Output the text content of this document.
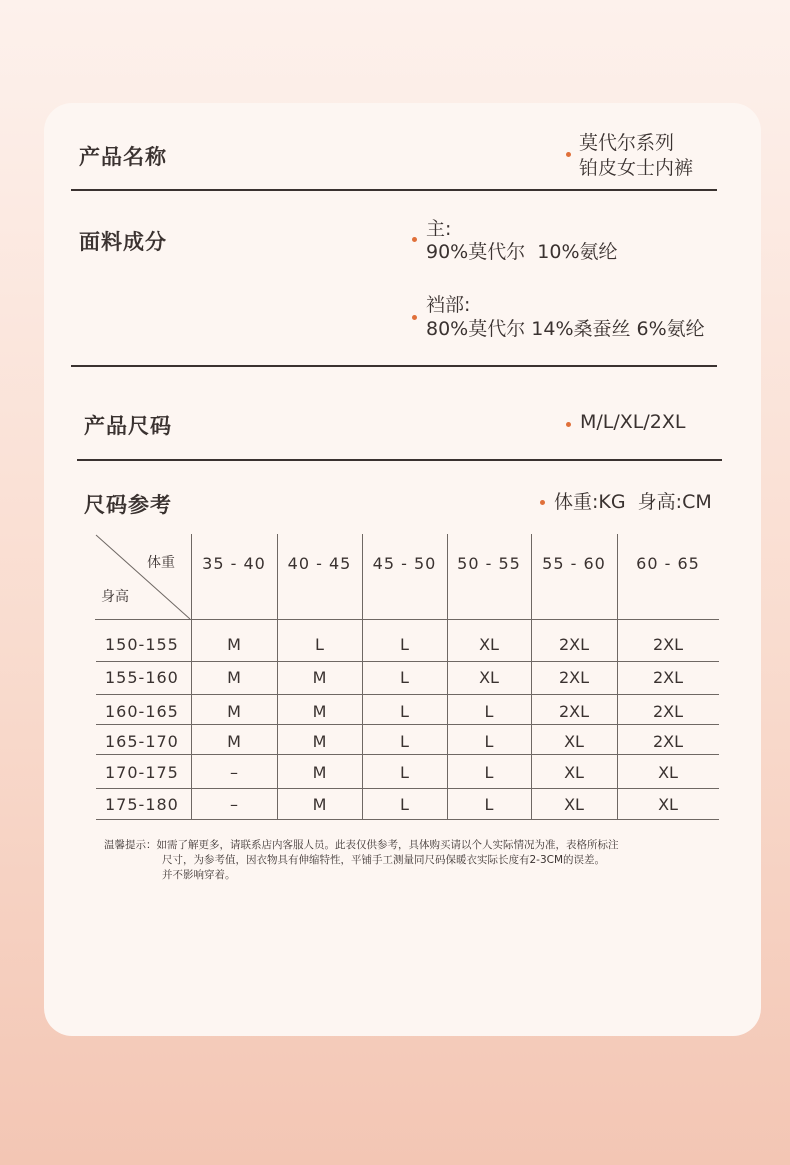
产品名称
莫代尔系列
铂皮女士内裤
面料成分
主:
90%莫代尔  10%氨纶
裆部:
80%莫代尔 14%桑蚕丝 6%氨纶
产品尺码	M/L/XL/2XL
尺码参考	体重:KG  身高:CM
体重
身高
35 - 40	40 - 45	45 - 50	50 - 55	55 - 60	60 - 65
150-155	M	L	L	XL	2XL	2XL
155-160	M	M	L	XL	2XL	2XL
160-165	M	M	L	L	2XL	2XL
165-170	M	M	L	L	XL	2XL
170-175	–	M	L	L	XL	XL
175-180	–	M	L	L	XL	XL
温馨提示：如需了解更多，请联系店内客服人员。此表仅供参考，具体购买请以个人实际情况为准，表格所标注
尺寸，为参考值，因衣物具有伸缩特性，平铺手工测量同尺码保暖衣实际长度有2-3CM的误差。
并不影响穿着。
